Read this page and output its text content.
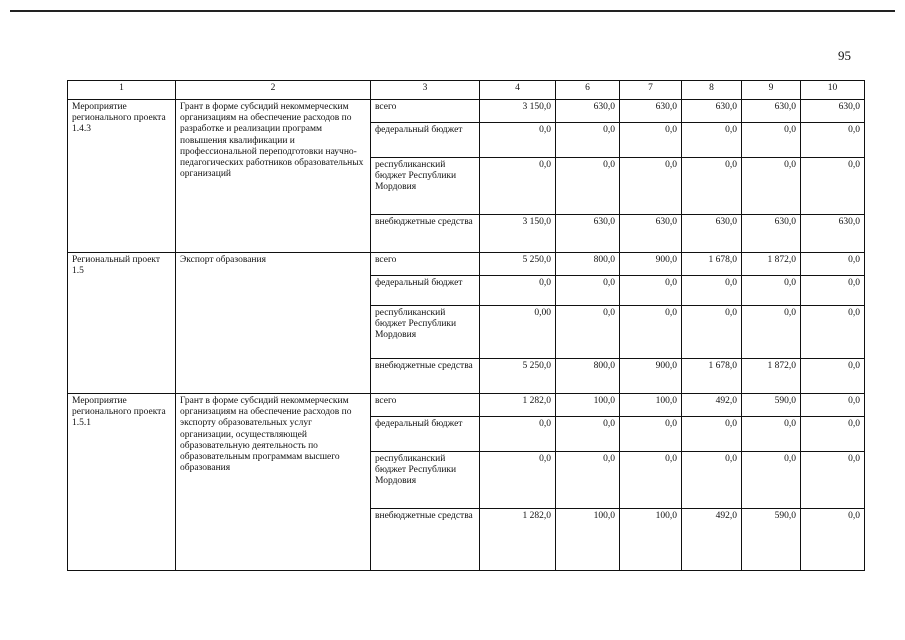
95
1	2	3	4	6	7	8	9	10
Мероприятие регионального проекта 1.4.3	Грант в форме субсидий некоммерческим организациям на обеспечение расходов по разработке и реализации программ повышения квалификации и профессиональной переподготовки научно-педагогических работников образовательных организаций	всего	3 150,0	630,0	630,0	630,0	630,0	630,0
		федеральный бюджет	0,0	0,0	0,0	0,0	0,0	0,0
		республиканский бюджет Республики Мордовия	0,0	0,0	0,0	0,0	0,0	0,0
		внебюджетные средства	3 150,0	630,0	630,0	630,0	630,0	630,0
Региональный проект 1.5	Экспорт образования	всего	5 250,0	800,0	900,0	1 678,0	1 872,0	0,0
		федеральный бюджет	0,0	0,0	0,0	0,0	0,0	0,0
		республиканский бюджет Республики Мордовия	0,00	0,0	0,0	0,0	0,0	0,0
		внебюджетные средства	5 250,0	800,0	900,0	1 678,0	1 872,0	0,0
Мероприятие регионального проекта 1.5.1	Грант в форме субсидий некоммерческим организациям на обеспечение расходов по экспорту образовательных услуг организации, осуществляющей образовательную деятельность по образовательным программам высшего образования	всего	1 282,0	100,0	100,0	492,0	590,0	0,0
		федеральный бюджет	0,0	0,0	0,0	0,0	0,0	0,0
		республиканский бюджет Республики Мордовия	0,0	0,0	0,0	0,0	0,0	0,0
		внебюджетные средства	1 282,0	100,0	100,0	492,0	590,0	0,0
